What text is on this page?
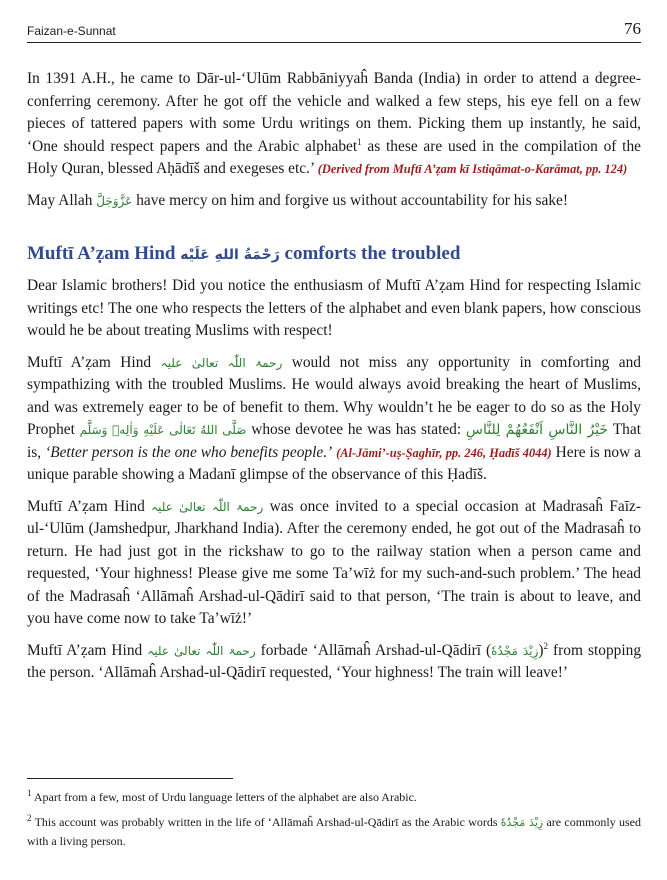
Faizan-e-Sunnat	76

In 1391 A.H., he came to Dār-ul-‘Ulūm Rabbāniyyaĥ Banda (India) in order to attend a degree-conferring ceremony. After he got off the vehicle and walked a few steps, his eye fell on a few pieces of tattered papers with some Urdu writings on them. Picking them up instantly, he said, ‘One should respect papers and the Arabic alphabet$^1$ as these are used in the compilation of the Holy Quran, blessed Aḥādīš and exegeses etc.’ (Derived from Muftī A’ẓam kī Istiqāmat-o-Karāmat, pp. 124)

May Allah عَزَّوَجَلَّ have mercy on him and forgive us without accountability for his sake!

Muftī A’ẓam Hind رَحْمَةُ اللهِ عَلَيْه comforts the troubled

Dear Islamic brothers! Did you notice the enthusiasm of Muftī A’ẓam Hind for respecting Islamic writings etc! The one who respects the letters of the alphabet and even blank papers, how conscious would he be about treating Muslims with respect!

Muftī A’ẓam Hind رحمۃ اللّٰہ تعالیٰ علیہ would not miss any opportunity in comforting and sympathizing with the troubled Muslims. He would always avoid breaking the heart of Muslims, and was extremely eager to be of benefit to them. Why wouldn’t he be eager to do so as the Holy Prophet صَلَّى اللهُ تَعَالٰى عَلَيْهِ وَاٰلِهٖ وَسَلَّم whose devotee he was has stated: خَيْرُ النَّاسِ اَنْفَعُهُمْ لِلنَّاسِ That is, ‘Better person is the one who benefits people.’ (Al-Jāmi’-uṣ-Ṣaghīr, pp. 246, Ḥadīš 4044) Here is now a unique parable showing a Madanī glimpse of the observance of this Ḥadīš.

Muftī A’ẓam Hind رحمۃ اللّٰہ تعالیٰ علیہ was once invited to a special occasion at Madrasaĥ Faīz-ul-‘Ulūm (Jamshedpur, Jharkhand India). After the ceremony ended, he got out of the Madrasaĥ to return. He had just got in the rickshaw to go to the railway station when a person came and requested, ‘Your highness! Please give me some Ta’wīż for my such-and-such problem.’ The head of the Madrasaĥ ‘Allāmaĥ Arshad-ul-Qādirī said to that person, ‘The train is about to leave, and you have come now to take Ta’wīż!’

Muftī A’ẓam Hind رحمۃ اللّٰہ تعالیٰ علیہ forbade ‘Allāmaĥ Arshad-ul-Qādirī (زِيْدَ مَجْدُهٗ)$^2$ from stopping the person. ‘Allāmaĥ Arshad-ul-Qādirī requested, ‘Your highness! The train will leave!’

$^1$ Apart from a few, most of Urdu language letters of the alphabet are also Arabic.

$^2$ This account was probably written in the life of ‘Allāmaĥ Arshad-ul-Qādirī as the Arabic words زِيْدَ مَجْدُهٗ are commonly used with a living person.
